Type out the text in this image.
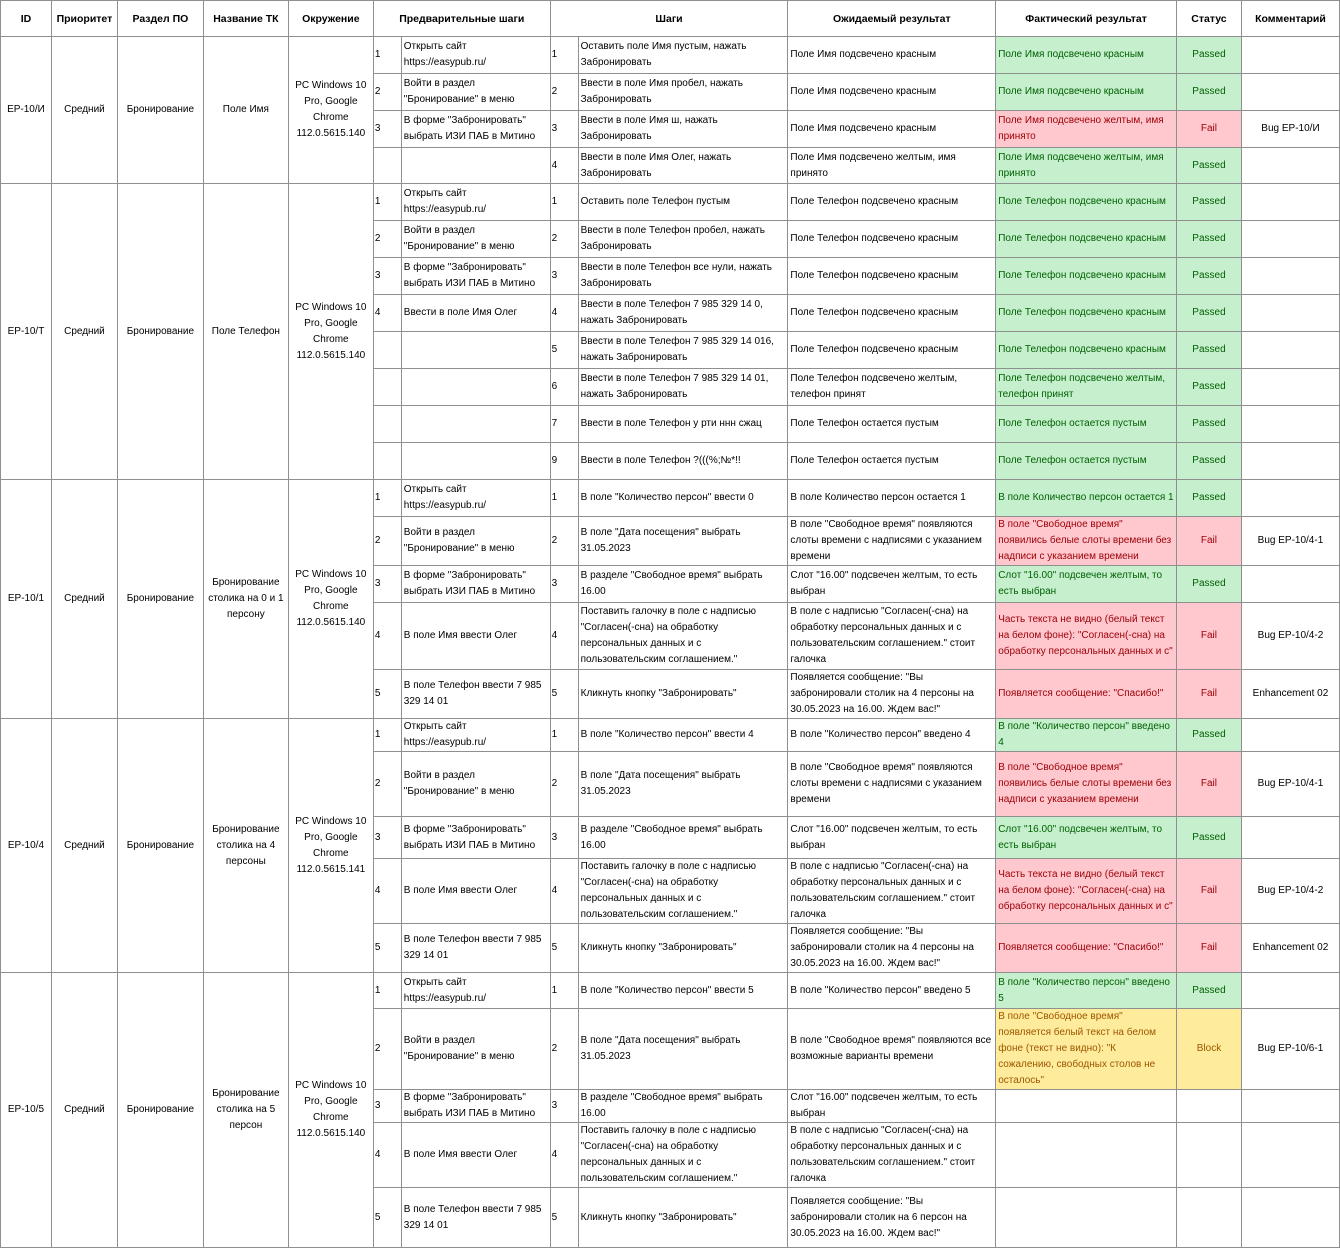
ID	Приоритет	Раздел ПО	Название ТК	Окружение	Предварительные шаги		Шаги		Ожидаемый результат	Фактический результат	Статус	Комментарий
EP-10/И	Средний	Бронирование	Поле Имя	PC Windows 10 Pro, Google Chrome 112.0.5615.140	1	Открыть сайт https://easypub.ru/	1	Оставить поле Имя пустым, нажать Забронировать	Поле Имя подсвечено красным	Поле Имя подсвечено красным	Passed	
					2	Войти в раздел "Бронирование" в меню	2	Ввести в поле Имя пробел, нажать Забронировать	Поле Имя подсвечено красным	Поле Имя подсвечено красным	Passed	
					3	В форме "Забронировать" выбрать ИЗИ ПАБ в Митино	3	Ввести в поле Имя ш, нажать Забронировать	Поле Имя подсвечено красным	Поле Имя подсвечено желтым, имя принято	Fail	Bug EP-10/И
							4	Ввести в поле Имя Олег, нажать Забронировать	Поле Имя подсвечено желтым, имя принято	Поле Имя подсвечено желтым, имя принято	Passed	
EP-10/Т	Средний	Бронирование	Поле Телефон	PC Windows 10 Pro, Google Chrome 112.0.5615.140	1	Открыть сайт https://easypub.ru/	1	Оставить поле Телефон пустым	Поле Телефон подсвечено красным	Поле Телефон подсвечено красным	Passed	
					2	Войти в раздел "Бронирование" в меню	2	Ввести в поле Телефон пробел, нажать Забронировать	Поле Телефон подсвечено красным	Поле Телефон подсвечено красным	Passed	
					3	В форме "Забронировать" выбрать ИЗИ ПАБ в Митино	3	Ввести в поле Телефон все нули, нажать Забронировать	Поле Телефон подсвечено красным	Поле Телефон подсвечено красным	Passed	
					4	Ввести в поле Имя Олег	4	Ввести в поле Телефон 7 985 329 14 0, нажать Забронировать	Поле Телефон подсвечено красным	Поле Телефон подсвечено красным	Passed	
							5	Ввести в поле Телефон 7 985 329 14 016, нажать Забронировать	Поле Телефон подсвечено красным	Поле Телефон подсвечено красным	Passed	
							6	Ввести в поле Телефон 7 985 329 14 01, нажать Забронировать	Поле Телефон подсвечено желтым, телефон принят	Поле Телефон подсвечено желтым, телефон принят	Passed	
							7	Ввести в поле Телефон у рти ннн сжац	Поле Телефон остается пустым	Поле Телефон остается пустым	Passed	
							9	Ввести в поле Телефон ?(((%;№*!!	Поле Телефон остается пустым	Поле Телефон остается пустым	Passed	
EP-10/1	Средний	Бронирование	Бронирование столика на 0 и 1 персону	PC Windows 10 Pro, Google Chrome 112.0.5615.140	1	Открыть сайт https://easypub.ru/	1	В поле "Количество персон" ввести 0	В поле Количество персон остается 1	В поле Количество персон остается 1	Passed	
					2	Войти в раздел "Бронирование" в меню	2	В поле "Дата посещения" выбрать 31.05.2023	В поле "Свободное время" появляются слоты времени с надписями с указанием времени	В поле "Свободное время" появились белые слоты времени без надписи с указанием времени	Fail	Bug EP-10/4-1
					3	В форме "Забронировать" выбрать ИЗИ ПАБ в Митино	3	В разделе "Свободное время" выбрать 16.00	Слот "16.00" подсвечен желтым, то есть выбран	Слот "16.00" подсвечен желтым, то есть выбран	Passed	
					4	В поле Имя ввести Олег	4	Поставить галочку в поле с надписью "Согласен(-сна) на обработку персональных данных и с пользовательским соглашением."	В поле с надписью "Согласен(-сна) на обработку персональных данных и с пользовательским соглашением." стоит галочка	Часть текста не видно (белый текст на белом фоне): "Согласен(-сна) на обработку персональных данных и с"	Fail	Bug EP-10/4-2
					5	В поле Телефон ввести 7 985 329 14 01	5	Кликнуть кнопку "Забронировать"	Появляется сообщение: "Вы забронировали столик на 4 персоны на 30.05.2023 на 16.00. Ждем вас!"	Появляется сообщение: "Спасибо!"	Fail	Enhancement 02
EP-10/4	Средний	Бронирование	Бронирование столика на 4 персоны	PC Windows 10 Pro, Google Chrome 112.0.5615.141	1	Открыть сайт https://easypub.ru/	1	В поле "Количество персон" ввести 4	В поле "Количество персон" введено 4	В поле "Количество персон" введено 4	Passed	
					2	Войти в раздел "Бронирование" в меню	2	В поле "Дата посещения" выбрать 31.05.2023	В поле "Свободное время" появляются слоты времени с надписями с указанием времени	В поле "Свободное время" появились белые слоты времени без надписи с указанием времени	Fail	Bug EP-10/4-1
					3	В форме "Забронировать" выбрать ИЗИ ПАБ в Митино	3	В разделе "Свободное время" выбрать 16.00	Слот "16.00" подсвечен желтым, то есть выбран	Слот "16.00" подсвечен желтым, то есть выбран	Passed	
					4	В поле Имя ввести Олег	4	Поставить галочку в поле с надписью "Согласен(-сна) на обработку персональных данных и с пользовательским соглашением."	В поле с надписью "Согласен(-сна) на обработку персональных данных и с пользовательским соглашением." стоит галочка	Часть текста не видно (белый текст на белом фоне): "Согласен(-сна) на обработку персональных данных и с"	Fail	Bug EP-10/4-2
					5	В поле Телефон ввести 7 985 329 14 01	5	Кликнуть кнопку "Забронировать"	Появляется сообщение: "Вы забронировали столик на 4 персоны на 30.05.2023 на 16.00. Ждем вас!"	Появляется сообщение: "Спасибо!"	Fail	Enhancement 02
EP-10/5	Средний	Бронирование	Бронирование столика на 5 персон	PC Windows 10 Pro, Google Chrome 112.0.5615.140	1	Открыть сайт https://easypub.ru/	1	В поле "Количество персон" ввести 5	В поле "Количество персон" введено 5	В поле "Количество персон" введено 5	Passed	
					2	Войти в раздел "Бронирование" в меню	2	В поле "Дата посещения" выбрать 31.05.2023	В поле "Свободное время" появляются все возможные варианты времени	В поле "Свободное время" появляется белый текст на белом фоне (текст не видно): "К сожалению, свободных столов не осталось"	Block	Bug EP-10/6-1
					3	В форме "Забронировать" выбрать ИЗИ ПАБ в Митино	3	В разделе "Свободное время" выбрать 16.00	Слот "16.00" подсвечен желтым, то есть выбран			
					4	В поле Имя ввести Олег	4	Поставить галочку в поле с надписью "Согласен(-сна) на обработку персональных данных и с пользовательским соглашением."	В поле с надписью "Согласен(-сна) на обработку персональных данных и с пользовательским соглашением." стоит галочка			
					5	В поле Телефон ввести 7 985 329 14 01	5	Кликнуть кнопку "Забронировать"	Появляется сообщение: "Вы забронировали столик на 6 персон на 30.05.2023 на 16.00. Ждем вас!"			
